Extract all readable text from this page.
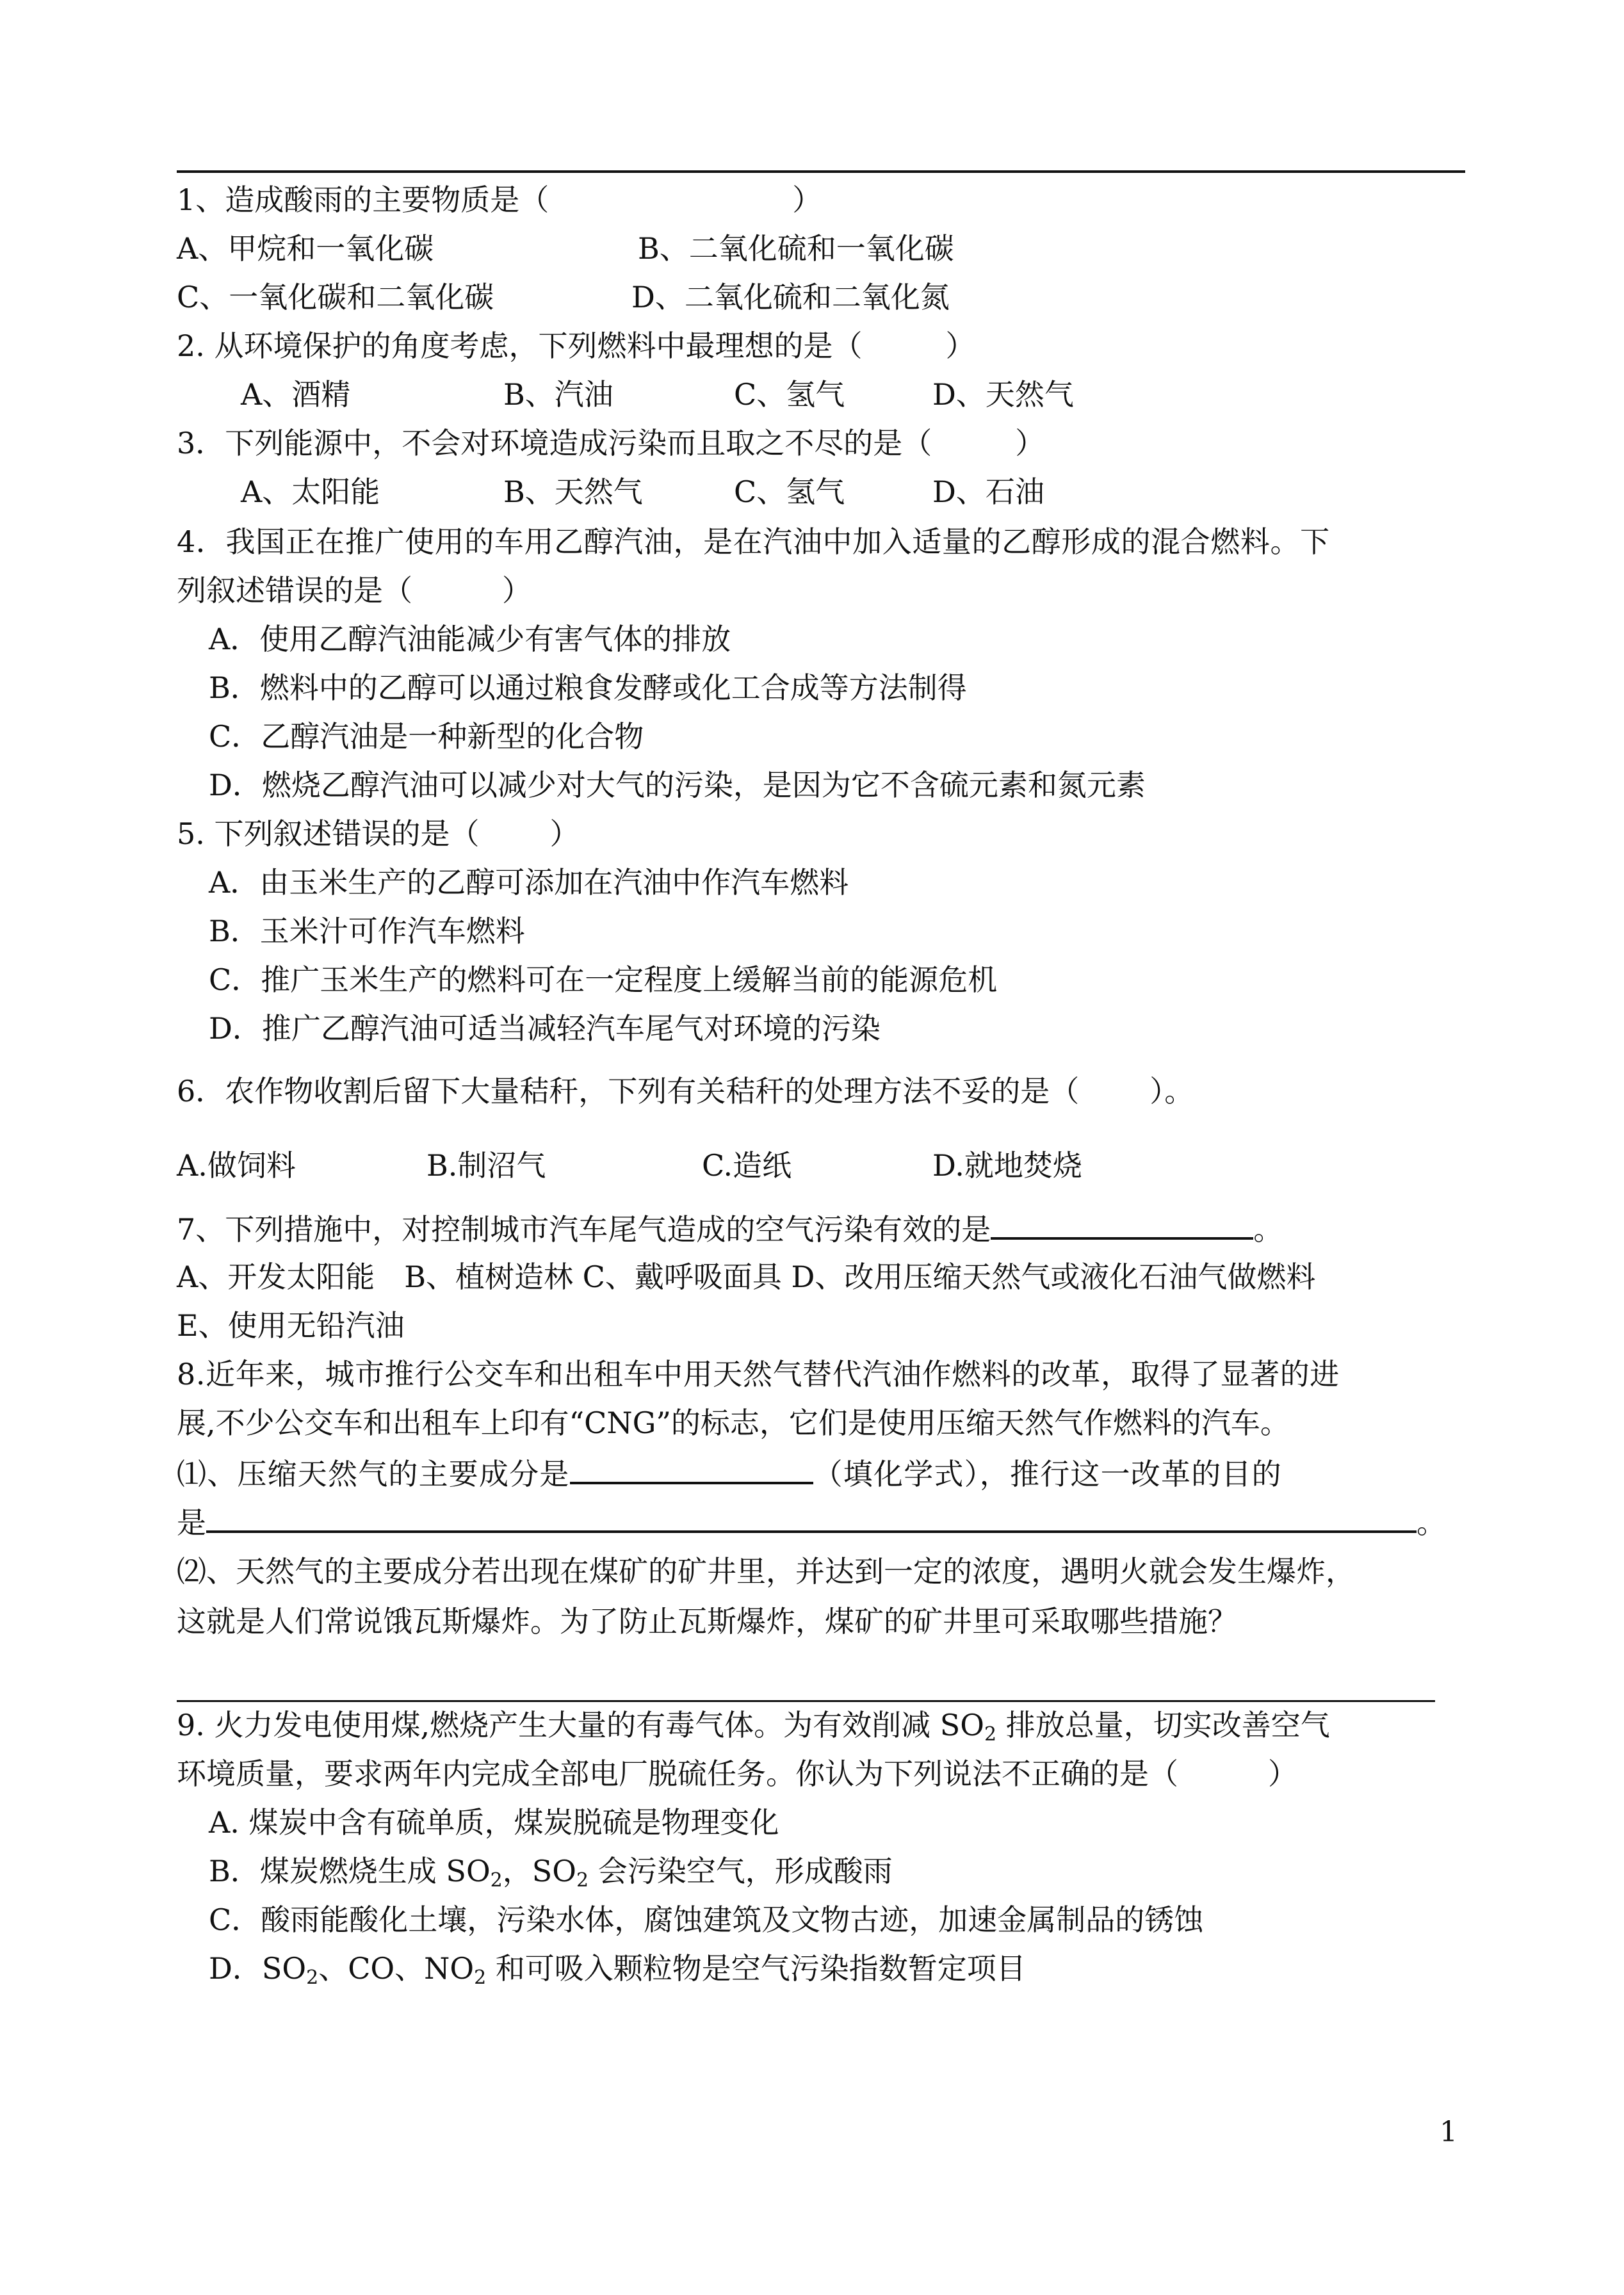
1、造成酸雨的主要物质是（	）
A、甲烷和一氧化碳	B、二氧化硫和一氧化碳
C、一氧化碳和二氧化碳	D、二氧化硫和二氧化氮
2. 从环境保护的角度考虑，下列燃料中最理想的是（	）
A、酒精	B、汽油	C、氢气	D、天然气
3．下列能源中，不会对环境造成污染而且取之不尽的是（	）
A、太阳能	B、天然气	C、氢气	D、石油
4．我国正在推广使用的车用乙醇汽油，是在汽油中加入适量的乙醇形成的混合燃料。下
列叙述错误的是（	）
A．使用乙醇汽油能减少有害气体的排放
B．燃料中的乙醇可以通过粮食发酵或化工合成等方法制得
C．乙醇汽油是一种新型的化合物
D．燃烧乙醇汽油可以减少对大气的污染，是因为它不含硫元素和氮元素
5. 下列叙述错误的是（ ）
A．由玉米生产的乙醇可添加在汽油中作汽车燃料
B．玉米汁可作汽车燃料
C．推广玉米生产的燃料可在一定程度上缓解当前的能源危机
D．推广乙醇汽油可适当减轻汽车尾气对环境的污染
6．农作物收割后留下大量秸秆，下列有关秸秆的处理方法不妥的是（ ）。
A.做饲料	B.制沼气	C.造纸	D.就地焚烧
7、下列措施中，对控制城市汽车尾气造成的空气污染有效的是	。
A、开发太阳能　B、植树造林 C、戴呼吸面具 D、改用压缩天然气或液化石油气做燃料
E、使用无铅汽油
8.近年来，城市推行公交车和出租车中用天然气替代汽油作燃料的改革，取得了显著的进
展,不少公交车和出租车上印有“CNG”的标志，它们是使用压缩天然气作燃料的汽车。
⑴、压缩天然气的主要成分是	（填化学式），推行这一改革的目的
是	。
⑵、天然气的主要成分若出现在煤矿的矿井里，并达到一定的浓度，遇明火就会发生爆炸，
这就是人们常说饿瓦斯爆炸。为了防止瓦斯爆炸，煤矿的矿井里可采取哪些措施？
9. 火力发电使用煤,燃烧产生大量的有毒气体。为有效削减 $SO_2$ 排放总量，切实改善空气
环境质量，要求两年内完成全部电厂脱硫任务。你认为下列说法不正确的是（	）
A. 煤炭中含有硫单质，煤炭脱硫是物理变化
B．煤炭燃烧生成 $SO_2$，$SO_2$ 会污染空气，形成酸雨
C．酸雨能酸化土壤，污染水体，腐蚀建筑及文物古迹，加速金属制品的锈蚀
D．$SO_2$、CO、$NO_2$ 和可吸入颗粒物是空气污染指数暂定项目
1
